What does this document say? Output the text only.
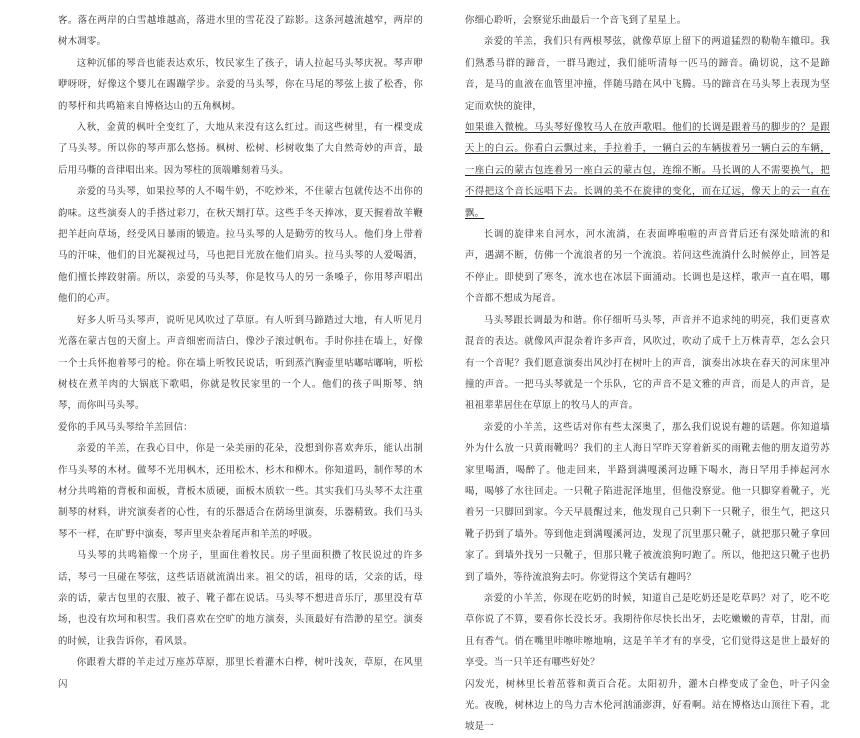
客。落在两岸的白雪越堆越高，落进水里的雪花没了踪影。这条河越流越窄，两岸的树木凋零。

这种沉郁的琴音也能表达欢乐，牧民家生了孩子，请人拉起马头琴庆祝。琴声咿咿呀呀，好像这个婴儿在踢蹦学步。亲爱的马头琴，你在马尾的琴弦上拔了松香，你的琴杆和共鸣箱来自博格达山的五角枫树。

入秋，金黄的枫叶全变红了，大地从来没有这么红过。而这些树里，有一棵变成了马头琴。所以你的琴声那么悠扬。枫树、松树、杉树收集了大自然奇妙的声音，最后用马嘶的音律唱出来。因为琴柱的顶端雕刻着马头。

亲爱的马头琴，如果拉琴的人不喝牛奶，不吃炒米，不住蒙古包就传达不出你的韵味。这些演奏人的手搭过彩刀，在秋天割打草。这些手冬天捧冰，夏天握着故羊鞭把羊赶向草场，经受风日暴雨的锻造。拉马头琴的人是勤劳的牧马人。他们身上带着马的汗味，他们的目光凝视过马，马也把目光放在他们肩头。拉马头琴的人爱喝酒，他们擅长摔跤射箭。所以，亲爱的马头琴，你是牧马人的另一条嗓子，你用琴声唱出他们的心声。

好多人听马头琴声，说听见风吹过了草原。有人听到马蹄踏过大地，有人听见月光落在蒙古包的天窗上。声音细密而洁白，像沙子滚过帆布。手时你挂在墙上，好像一个士兵怀抱着琴弓的枪。你在墙上听牧民说话，听到蒸汽胸壶里咕嘟咕嘟响，听松树枝在煮羊肉的大锅底下歌唱，你就是牧民家里的一个人。他们的孩子叫斯琴、纳琴，而你叫马头琴。

爱你的手风马头琴给羊羔回信：

亲爱的羊羔，在我心目中，你是一朵美丽的花朵，没想到你喜欢奔乐，能认出制作马头琴的木材。做琴不光用枫木，还用松木、杉木和柳木。你知道吗，制作琴的木材分共鸣箱的背板和面板，背板木质硬，面板木质软一些。其实我们马头琴不太注重制琴的材料，讲究演奏者的心性，有的乐器适合在荫场里演奏，乐器精致。我们马头琴不一样，在旷野中演奏，琴声里夹杂着尾声和羊羔的呼吸。

马头琴的共鸣箱像一个房子，里面住着牧民。房子里面积攒了牧民说过的许多话，琴弓一旦碰在琴弦，这些话语就流淌出来。祖父的话，祖母的话，父亲的话，母亲的话，蒙古包里的衣服、被子、靴子都在说话。马头琴不想进音乐厅，那里没有草场，也没有坎坷和积雪。我们喜欢在空旷的地方演奏，头顶最好有浩渺的星空。演奏的时候，让我告诉你，看风景。

你跟着大群的羊走过万座苏草原，那里长着灌木白桦，树叶浅灰，草原，在风里闪

你细心聆听，会察觉乐曲最后一个音飞到了星星上。

亲爱的羊羔，我们只有两根琴弦，就像草原上留下的两道猛烈的勒勒车辙印。我们熟悉马群的蹄音，一群马跑过，我们能听清每一匹马的蹄音。确切说，这不是蹄音，是马的血液在血管里冲撞，伴随马踏在风中飞腾。马的蹄音在马头琴上表现为坚定而欢快的旋律，

如果谁入微梳。马头琴好像牧马人在放声歌唱。他们的长调是跟着马的脚步的？是跟天上的白云。你看白云飘过来，手拉着手，一辆白云的车辆拔着另一辆白云的车辆，一座白云的蒙古包连着另一座白云的蒙古包，连绵不断。马长调的人不需要换气，把不得把这个音长远唱下去。长调的美不在旋律的变化，而在辽远，像天上的云一直在飘。

长调的旋律来自河水，河水流淌，在表面哗啦啦的声音背后还有深处暗流的和声，遇湖不断，仿佛一个流浪者的另一个流浪。若问这些流淌什么时候停止，回答是不停止。即使到了寒冬，流水也在冰层下面涌动。长调也是这样，歌声一直在唱，哪个音都不想成为尾音。

马头琴跟长调最为和谐。你仔细听马头琴，声音并不追求纯的明亮，我们更喜欢混音的表达。就像风声混杂着许多声音，风吹过，吹动了成千上万株青草，怎么会只有一个音呢？我们愿意演奏出风沙打在树叶上的声音，演奏出冰块在春天的河床里冲撞的声音。一把马头琴就是一个乐队，它的声音不是文雅的声音，而是人的声音，是祖祖辈辈居住在草原上的牧马人的声音。

亲爱的小羊羔，这些话对你有些太深奥了，那么我们说说有趣的话题。你知道墙外为什么放一只黄雨靴吗？我们的主人海日罕昨天穿着新买的雨靴去他的朋友道劳苏家里喝酒，喝醉了。他走回来，半路到满嘎溪河边睡下喝水，海日罕用手捧起河水喝，喝够了水往回走。一只靴子陷进泥泽地里，但他没察觉。他一只脚穿着靴子，光着另一只脚回到家。今天早晨醒过来，他发现自己只剩下一只靴子，很生气，把这只靴子扔到了墙外。等到他走到满嘎溪河边，发现了沉里那只靴子，就把那只靴子拿回家了。到墙外找另一只靴子，但那只靴子被流浪狗叼跑了。所以，他把这只靴子也扔到了墙外，等待流浪狗去叼。你觉得这个笑话有趣吗？

亲爱的小羊羔，你现在吃奶的时候，知道自己是吃奶还是吃草吗？对了，吃不吃草你说了不算，要看你长没长牙。我期待你尽快长出牙，去吃嫩嫩的青草，甘甜，而且有香气。俏在嘴里咔嚓咔嚓地响，这是羊羊才有的享受，它们觉得这是世上最好的享受。当一只羊还有哪些好处？

闪发光，树林里长着茁蓉和黄百合花。太阳初升，灌木白桦变成了金色，叶子闪金光。夜晚，树林边上的鸟力吉木伦河汹涌澎湃，好看啊。站在博格达山顶往下看，北坡是一
